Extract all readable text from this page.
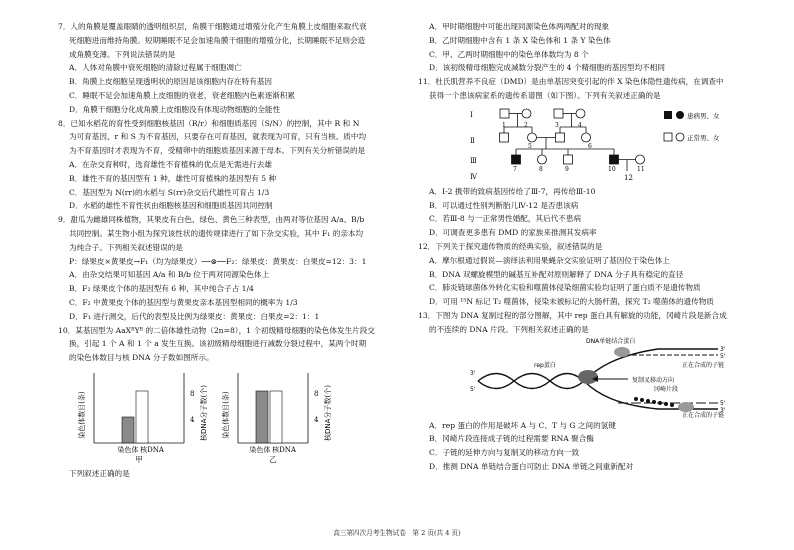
7．人的角膜是覆盖眼睛的透明组织层，角膜干细胞通过增殖分化产生角膜上皮细胞来取代衰
死细胞进而维持角膜。短期睡眠不足会加速角膜干细胞的增殖分化，长期睡眠不足则会造
成角膜变薄。下列说法错误的是
A．人体对角膜中衰死细胞的清除过程属于细胞凋亡
B．角膜上皮细胞呈现透明状的原因是该细胞内存在特有基因
C．睡眠不足会加速角膜上皮细胞的衰老，衰老细胞内色素逐渐积累
D．角膜干细胞分化成角膜上皮细胞没有体现动物细胞的全能性
8．已知水稻花的育性受到细胞核基因（R/r）和细胞质基因（S/N）的控制，其中 R 和 N
为可育基因，r 和 S 为不育基因，只要存在可育基因，就表现为可育，只有当核、质中均
为不育基因时才表现为不育，受精卵中的细胞质基因来源于母本。下列有关分析错误的是
A．在杂交育种时，选育雄性不育植株的优点是无需进行去雄
B．雄性不育的基因型有 1 种，雄性可育植株的基因型有 5 种
C．基因型为 N(rr)的水稻与 S(rr)杂交后代雄性可育占 1/3
D．水稻的雄性不育性状由细胞核基因和细胞质基因共同控制
9．甜瓜为雌雄同株植物，其果皮有白色、绿色、黄色三种表型，由两对等位基因 A/a、B/b
共同控制。某生物小组为探究该性状的遗传规律进行了如下杂交实验，其中 F₁ 的亲本均
为纯合子。下列相关叙述错误的是
P：绿果皮×黄果皮→F₁（均为绿果皮）──⊗──F₂：绿果皮：黄果皮：白果皮=12：3：1
A．由杂交结果可知基因 A/a 和 B/b 位于两对同源染色体上
B．F₂ 绿果皮个体的基因型有 6 种，其中纯合子占 1/4
C．F₂ 中黄果皮个体的基因型与黄果皮亲本基因型相同的概率为 1/3
D．F₁ 进行测交，后代的表型及比例为绿果皮：黄果皮：白果皮=2：1：1
10．某基因型为 AaXᴮYᴮ 的二倍体雄性动物（2n=8），1 个初级精母细胞的染色体发生片段交
换，引起 1 个 A 和 1 个 a 发生互换。该初级精母细胞进行减数分裂过程中，某两个时期
的染色体数目与核 DNA 分子数如图所示。
染色体数目(条)	8
4
染色体 核DNA
甲
核DNA分子数(个) 染色体数目(条)	8
4
染色体 核DNA
乙
核DNA分子数(个)
下列叙述正确的是
A．甲时期细胞中可能出现同源染色体两两配对的现象
B．乙时期细胞中含有 1 条 X 染色体和 1 条 Y 染色体
C．甲、乙两时期细胞中的染色单体数均为 8 个
D．该初级精母细胞完成减数分裂产生的 4 个精细胞的基因型均不相同
11．杜氏肌营养不良症（DMD）是由单基因突变引起的伴 X 染色体隐性遗传病，在调查中
获得一个患该病家系的遗传系谱图（如下图）。下列有关叙述正确的是
Ⅰ
Ⅱ
Ⅲ
Ⅳ	12
1	2	3	4
5	6
7	8	9	10	11
患病男、女
正常男、女
A．Ⅰ-2 携带的致病基因传给了Ⅲ-7，再传给Ⅲ-10
B．可以通过性别判断胎儿Ⅳ-12 是否患该病
C．若Ⅲ-8 与一正常男性婚配，其后代不患病
D．可调查更多患有 DMD 的家族来推测其发病率
12．下列关于探究遗传物质的经典实验，叙述错误的是
A．摩尔根通过假说—演绎法利用果蝇杂交实验证明了基因位于染色体上
B．DNA 双螺旋模型的碱基互补配对原则解释了 DNA 分子具有稳定的直径
C．肺炎链球菌体外转化实验和噬菌体侵染细菌实验均证明了蛋白质不是遗传物质
D．可用 ¹⁵N 标记 T₂ 噬菌体，侵染未被标记的大肠杆菌，探究 T₂ 噬菌体的遗传物质
13．下图为 DNA 复制过程的部分图解，其中 rep 蛋白具有解旋的功能，冈崎片段是新合成
的不连续的 DNA 片段。下列相关叙述正确的是
DNA单链结合蛋白
rep蛋白
复制叉移动方向
冈崎片段
正在合成的子链
正在合成的子链
3'
5'
3'
5'
5'
3'
A．rep 蛋白的作用是破坏 A 与 C、T 与 G 之间的氢键
B．冈崎片段连接成子链的过程需要 RNA 聚合酶
C．子链的延伸方向与复制叉的移动方向一致
D．推测 DNA 单链结合蛋白可防止 DNA 单链之间重新配对
高三第四次月考生物试卷　第 2 页(共 4 页)
